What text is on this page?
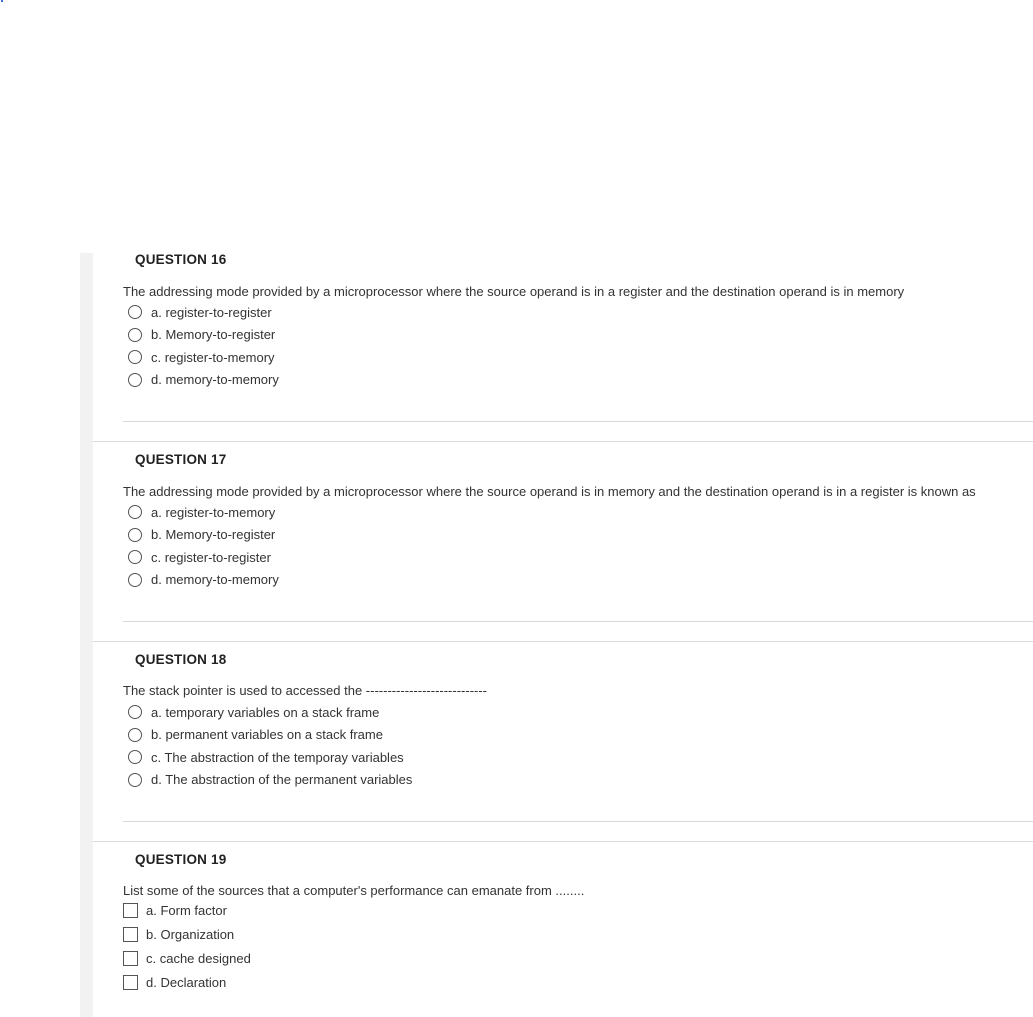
QUESTION 16
The addressing mode provided by a microprocessor where the source operand is in a register and the destination operand is in memory
a. register-to-register
b. Memory-to-register
c. register-to-memory
d. memory-to-memory
QUESTION 17
The addressing mode provided by a microprocessor where the source operand is in memory and the destination operand is in a register is known as
a. register-to-memory
b. Memory-to-register
c. register-to-register
d. memory-to-memory
QUESTION 18
The stack pointer is used to accessed the ----------------------------
a. temporary variables on a stack frame
b. permanent variables on a stack frame
c. The abstraction of the temporay variables
d. The abstraction of the permanent variables
QUESTION 19
List some of the sources that a computer's performance can emanate from ........
a. Form factor
b. Organization
c. cache designed
d. Declaration
